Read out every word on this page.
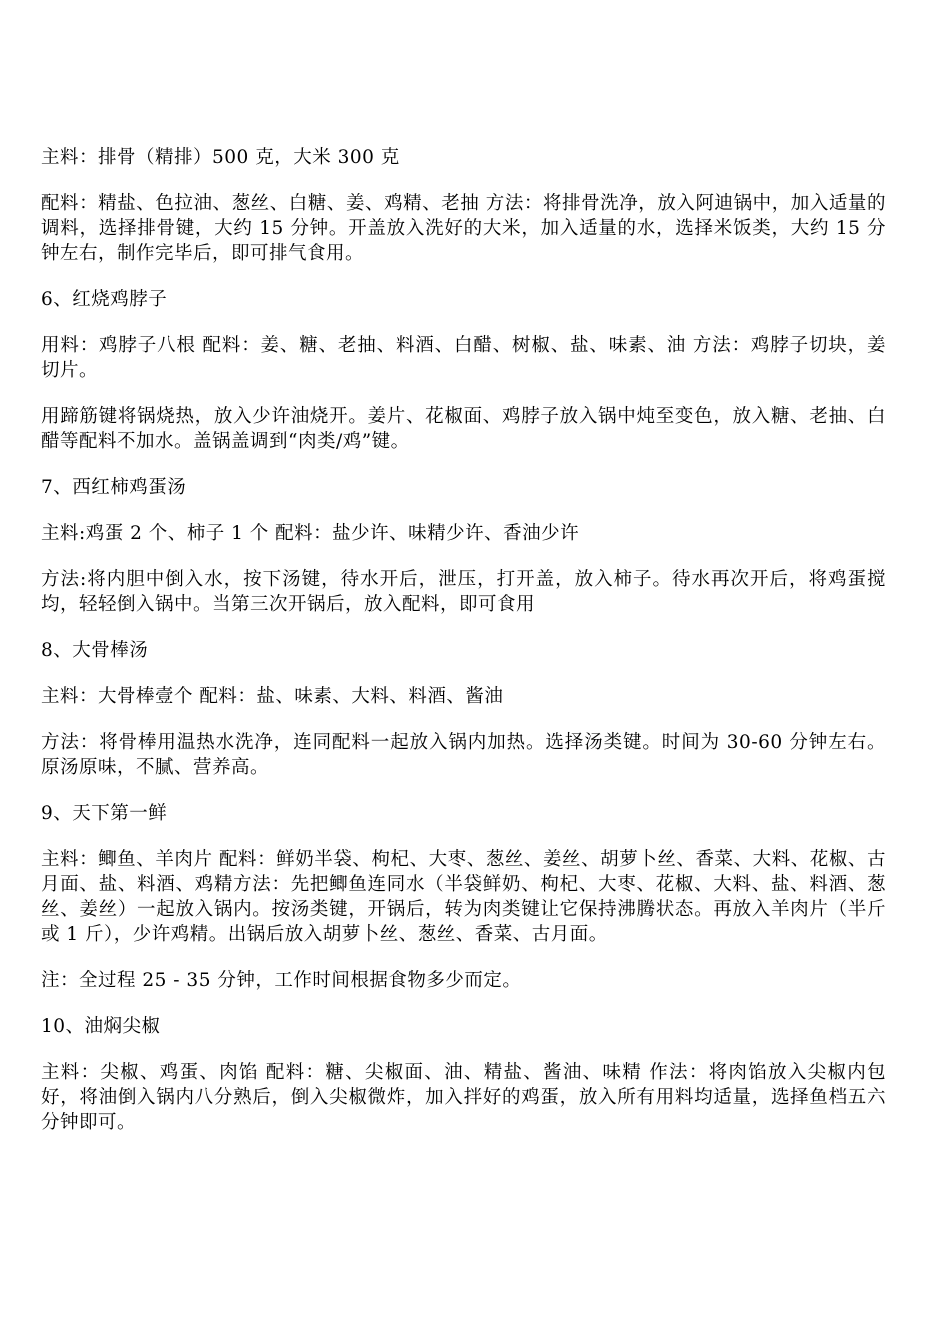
主料：排骨（精排）500 克，大米 300 克

配料：精盐、色拉油、葱丝、白糖、姜、鸡精、老抽 方法：将排骨洗净，放入阿迪锅中，加入适量的调料，选择排骨键，大约 15 分钟。开盖放入洗好的大米，加入适量的水，选择米饭类，大约 15 分钟左右，制作完毕后，即可排气食用。

6、红烧鸡脖子

用料：鸡脖子八根 配料：姜、糖、老抽、料酒、白醋、树椒、盐、味素、油 方法：鸡脖子切块，姜切片。

用蹄筋键将锅烧热，放入少许油烧开。姜片、花椒面、鸡脖子放入锅中炖至变色，放入糖、老抽、白醋等配料不加水。盖锅盖调到“肉类/鸡”键。

7、西红柿鸡蛋汤

主料:鸡蛋 2 个、柿子 1 个 配料：盐少许、味精少许、香油少许

方法:将内胆中倒入水，按下汤键，待水开后，泄压，打开盖，放入柿子。待水再次开后，将鸡蛋搅均，轻轻倒入锅中。当第三次开锅后，放入配料，即可食用

8、大骨棒汤

主料：大骨棒壹个 配料：盐、味素、大料、料酒、酱油

方法：将骨棒用温热水洗净，连同配料一起放入锅内加热。选择汤类键。时间为 30-60 分钟左右。原汤原味，不腻、营养高。

9、天下第一鲜

主料：鲫鱼、羊肉片 配料：鲜奶半袋、枸杞、大枣、葱丝、姜丝、胡萝卜丝、香菜、大料、花椒、古月面、盐、料酒、鸡精方法：先把鲫鱼连同水（半袋鲜奶、枸杞、大枣、花椒、大料、盐、料酒、葱丝、姜丝）一起放入锅内。按汤类键，开锅后，转为肉类键让它保持沸腾状态。再放入羊肉片（半斤或 1 斤），少许鸡精。出锅后放入胡萝卜丝、葱丝、香菜、古月面。

注：全过程 25 - 35 分钟，工作时间根据食物多少而定。

10、油焖尖椒

主料：尖椒、鸡蛋、肉馅 配料：糖、尖椒面、油、精盐、酱油、味精 作法：将肉馅放入尖椒内包好，将油倒入锅内八分熟后，倒入尖椒微炸，加入拌好的鸡蛋，放入所有用料均适量，选择鱼档五六分钟即可。
